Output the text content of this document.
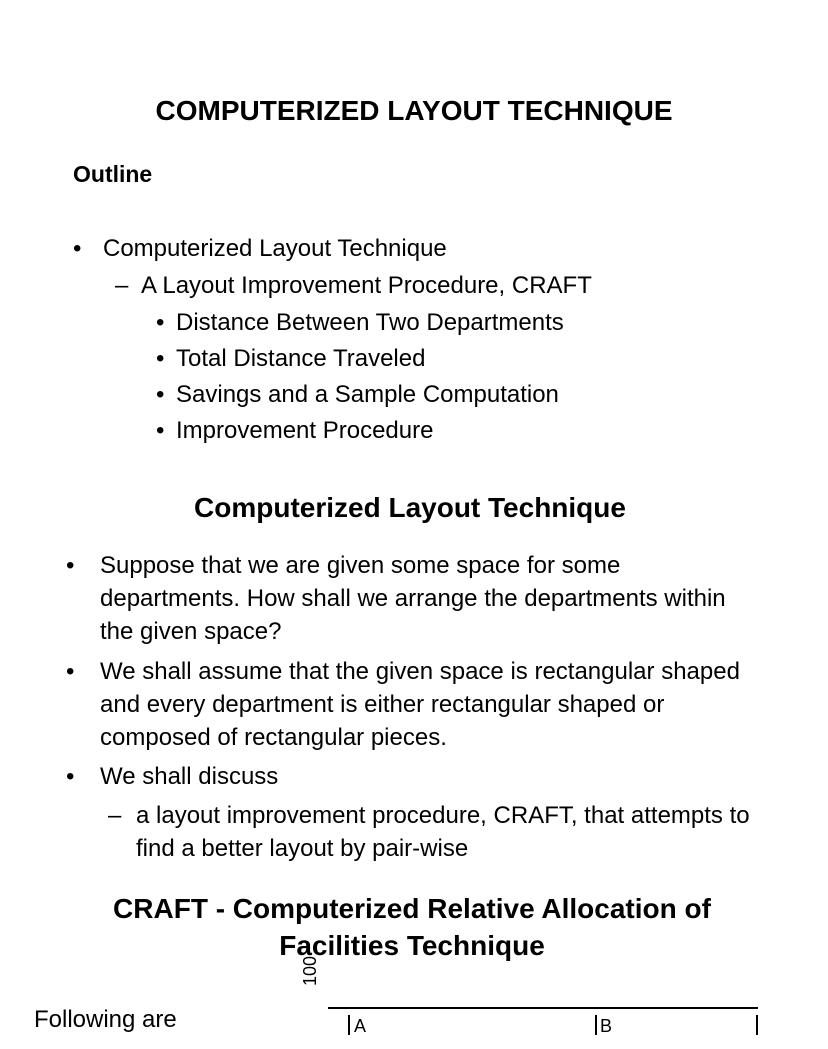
COMPUTERIZED LAYOUT TECHNIQUE
Outline
• Computerized Layout Technique
– A Layout Improvement Procedure, CRAFT
• Distance Between Two Departments
• Total Distance Traveled
• Savings and a Sample Computation
• Improvement Procedure
Computerized Layout Technique
• Suppose that we are given some space for some departments. How shall we arrange the departments within the given space?
• We shall assume that the given space is rectangular shaped and every department is either rectangular shaped or composed of rectangular pieces.
• We shall discuss
– a layout improvement procedure, CRAFT, that attempts to find a better layout by pair-wise
CRAFT - Computerized Relative Allocation of Facilities Technique
Following are
100
A	B
